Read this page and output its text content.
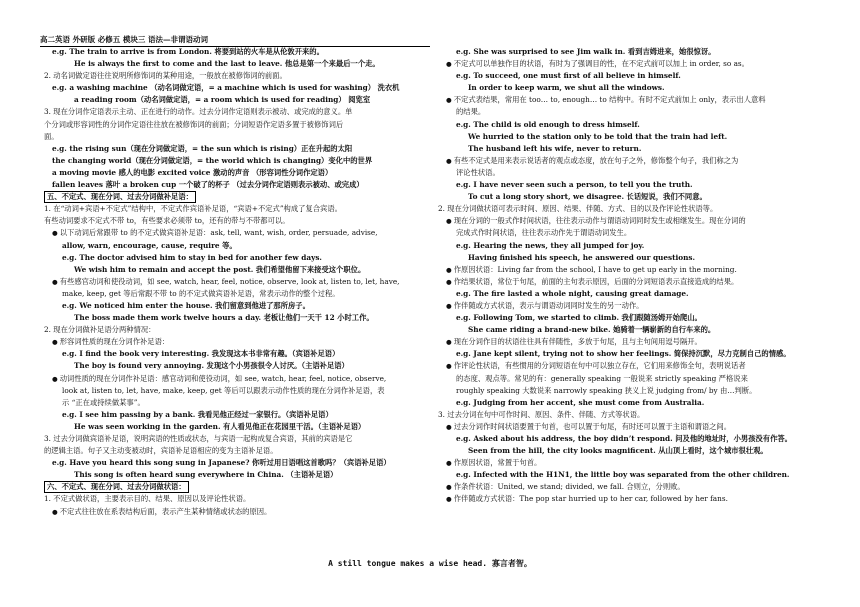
高二英语 外研版 必修五 模块三 语法—非谓语动词
e.g. The train to arrive is from London. 将要到站的火车是从伦敦开来的。
He is always the first to come and the last to leave. 他总是第一个来最后一个走。
2. 动名词做定语往往说明所修饰词的某种用途，一般放在被修饰词的前面。
e.g. a washing machine （动名词做定语，= a machine which is used for washing） 洗衣机
a reading room（动名词做定语，= a room which is used for reading） 阅览室
3. 现在分词作定语表示主动、正在进行的动作。过去分词作定语则表示被动、或完成的意义。单
个分词或形容词性的分词作定语往往放在被修饰词的前面；分词短语作定语多置于被修饰词后
面。
e.g. the rising sun（现在分词做定语，= the sun which is rising）正在升起的太阳
the changing world（现在分词做定语，= the world which is changing）变化中的世界
a moving movie 感人的电影 excited voice 激动的声音 （形容词性分词作定语）
fallen leaves 落叶 a broken cup 一个破了的杯子 （过去分词作定语则表示被动、或完成）
五、不定式、现在分词、过去分词做补足语：
1. 在“动词+宾语+不定式”结构中，不定式作宾语补足语，“宾语+不定式”构成了复合宾语。
有些动词要求不定式不带 to，有些要求必须带 to，还有的带与不带都可以。
● 以下动词后常跟带 to 的不定式做宾语补足语：ask, tell, want, wish, order, persuade, advise,
allow, warn, encourage, cause, require 等。
e.g. The doctor advised him to stay in bed for another few days.
We wish him to remain and accept the post. 我们希望他留下来接受这个职位。
● 有些感官动词和使役动词，如 see, watch, hear, feel, notice, observe, look at, listen to, let, have,
make, keep, get 等后常跟不带 to 的不定式做宾语补足语，常表示动作的整个过程。
e.g. We noticed him enter the house. 我们留意到他进了那所房子。
The boss made them work twelve hours a day. 老板让他们一天干 12 小时工作。
2. 现在分词做补足语分两种情况：
● 形容词性质的现在分词作补足语：
e.g. I find the book very interesting. 我发现这本书非常有趣。（宾语补足语）
The boy is found very annoying. 发现这个小男孩很令人讨厌。（主语补足语）
● 动词性质的现在分词作补足语：感官动词和使役动词，如 see, watch, hear, feel, notice, observe,
look at, listen to, let, have, make, keep, get 等后可以跟表示动作性质的现在分词作补足语，表
示 “正在或持续做某事”。
e.g. I see him passing by a bank. 我看见他正经过一家银行。（宾语补足语）
He was seen working in the garden. 有人看见他正在花园里干活。（主语补足语）
3. 过去分词做宾语补足语，说明宾语的性质或状态，与宾语一起构成复合宾语，其前的宾语是它
的逻辑主语。句子又主动变被动时，宾语补足语相应的变为主语补足语。
e.g. Have you heard this song sung in Japanese? 你听过用日语唱这首歌吗？（宾语补足语）
This song is often heard sung everywhere in China. （主语补足语）
六、不定式、现在分词、过去分词做状语：
1. 不定式做状语，主要表示目的、结果、原因以及评论性状语。
● 不定式往往放在系表结构后面，表示产生某种情绪或状态的原因。
e.g. She was surprised to see Jim walk in. 看到吉姆进来，她很惊讶。
● 不定式可以单独作目的状语，有时为了强调目的性，在不定式前可以加上 in order, so as。
e.g. To succeed, one must first of all believe in himself.
In order to keep warm, we shut all the windows.
● 不定式表结果，常用在 too… to, enough… to 结构中。有时不定式前加上 only，表示出人意料
的结果。
e.g. The child is old enough to dress himself.
We hurried to the station only to be told that the train had left.
The husband left his wife, never to return.
● 有些不定式是用来表示说话者的观点或态度，放在句子之外，修饰整个句子，我们称之为
评论性状语。
e.g. I have never seen such a person, to tell you the truth.
To cut a long story short, we disagree. 长话短说，我们不同意。
2. 现在分词做状语可表示时间、原因、结果、伴随、方式、目的以及作评论性状语等。
● 现在分词的一般式作时间状语，往往表示动作与谓语动词同时发生或相继发生。现在分词的
完成式作时间状语，往往表示动作先于谓语动词发生。
e.g. Hearing the news, they all jumped for joy.
Having finished his speech, he answered our questions.
● 作原因状语：Living far from the school, I have to get up early in the morning.
● 作结果状语，常位于句尾，前面的主句表示原因，后面的分词短语表示直接造成的结果。
e.g. The fire lasted a whole night, causing great damage.
● 作伴随或方式状语，表示与谓语动词同时发生的另一动作。
e.g. Following Tom, we started to climb. 我们跟随汤姆开始爬山。
She came riding a brand-new bike. 她骑着一辆崭新的自行车来的。
● 现在分词作目的状语往往具有伴随性，多放于句尾，且与主句间用逗号隔开。
e.g. Jane kept silent, trying not to show her feelings. 简保持沉默，尽力克制自己的情感。
● 作评论性状语，有些惯用的分词短语在句中可以独立存在，它们用来修饰全句，表明说话者
的态度、观点等。常见的有：generally speaking 一般说来 strictly speaking 严格说来
roughly speaking 大数说来 narrowly speaking 狭义上说 judging from/ by 由…判断。
e.g. Judging from her accent, she must come from Australia.
3. 过去分词在句中可作时间、原因、条件、伴随、方式等状语。
● 过去分词作时间状语要置于句首，也可以置于句尾，有时还可以置于主语和谓语之间。
e.g. Asked about his address, the boy didn’t respond. 问及他的地址时，小男孩没有作答。
Seen from the hill, the city looks magnificent. 从山顶上看时，这个城市很壮观。
● 作原因状语，常置于句首。
e.g. Infected with the H1N1, the little boy was separated from the other children.
● 作条件状语：United, we stand; divided, we fall. 合则立，分则败。
● 作伴随或方式状语：The pop star hurried up to her car, followed by her fans.
A still tongue makes a wise head. 寡言者智。
